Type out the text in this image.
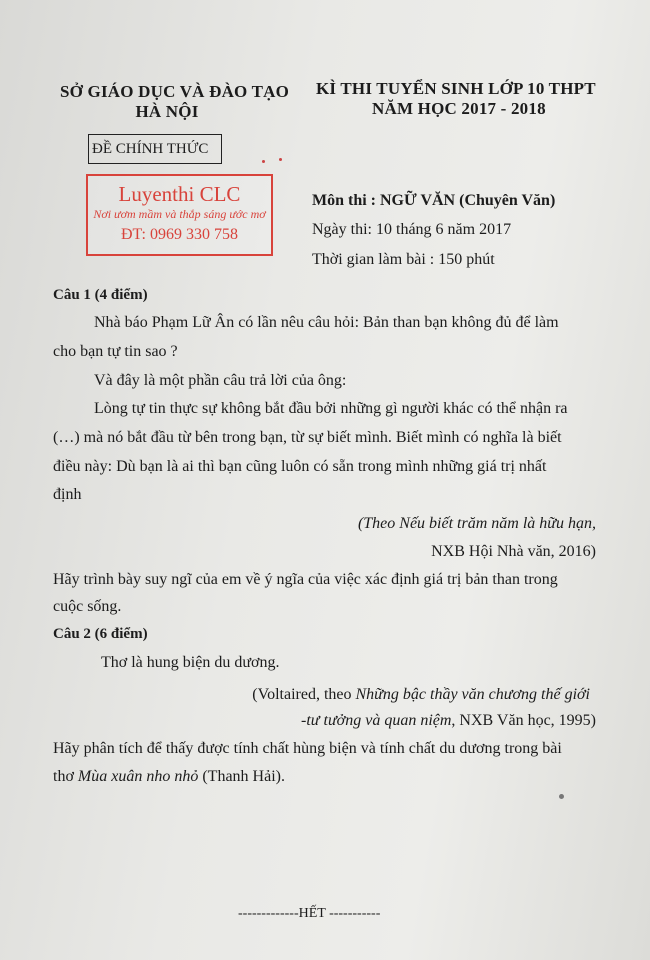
SỞ GIÁO DỤC VÀ ĐÀO TẠO
HÀ NỘI
KÌ THI TUYỂN SINH LỚP 10 THPT
NĂM HỌC 2017 - 2018
ĐỀ CHÍNH THỨC
Luyenthi CLC
Nơi ươm mầm và thắp sáng ước mơ
ĐT: 0969 330 758
Môn thi : NGỮ VĂN (Chuyên Văn)
Ngày thi: 10 tháng 6 năm 2017
Thời gian làm bài : 150 phút
Câu 1 (4 điểm)
Nhà báo Phạm Lữ Ân có lần nêu câu hỏi: Bản than bạn không đủ để làm
cho bạn tự tin sao ?
Và đây là một phần câu trả lời của ông:
Lòng tự tin thực sự không bắt đầu bởi những gì người khác có thể nhận ra
(…) mà nó bắt đầu từ bên trong bạn, từ sự biết mình. Biết mình có nghĩa là biết
điều này: Dù bạn là ai thì bạn cũng luôn có sẵn trong mình những giá trị nhất
định
(Theo Nếu biết trăm năm là hữu hạn,
NXB Hội Nhà văn, 2016)
Hãy trình bày suy ngĩ của em về ý ngĩa của việc xác định giá trị bản than trong
cuộc sống.
Câu 2 (6 điểm)
Thơ là hung biện du dương.
(Voltaired, theo Những bậc thầy văn chương thế giới
-tư tưởng và quan niệm, NXB Văn học, 1995)
Hãy phân tích để thấy được tính chất hùng biện và tính chất du dương trong bài
thơ Mùa xuân nho nhỏ (Thanh Hải).
-------------HẾT -----------
